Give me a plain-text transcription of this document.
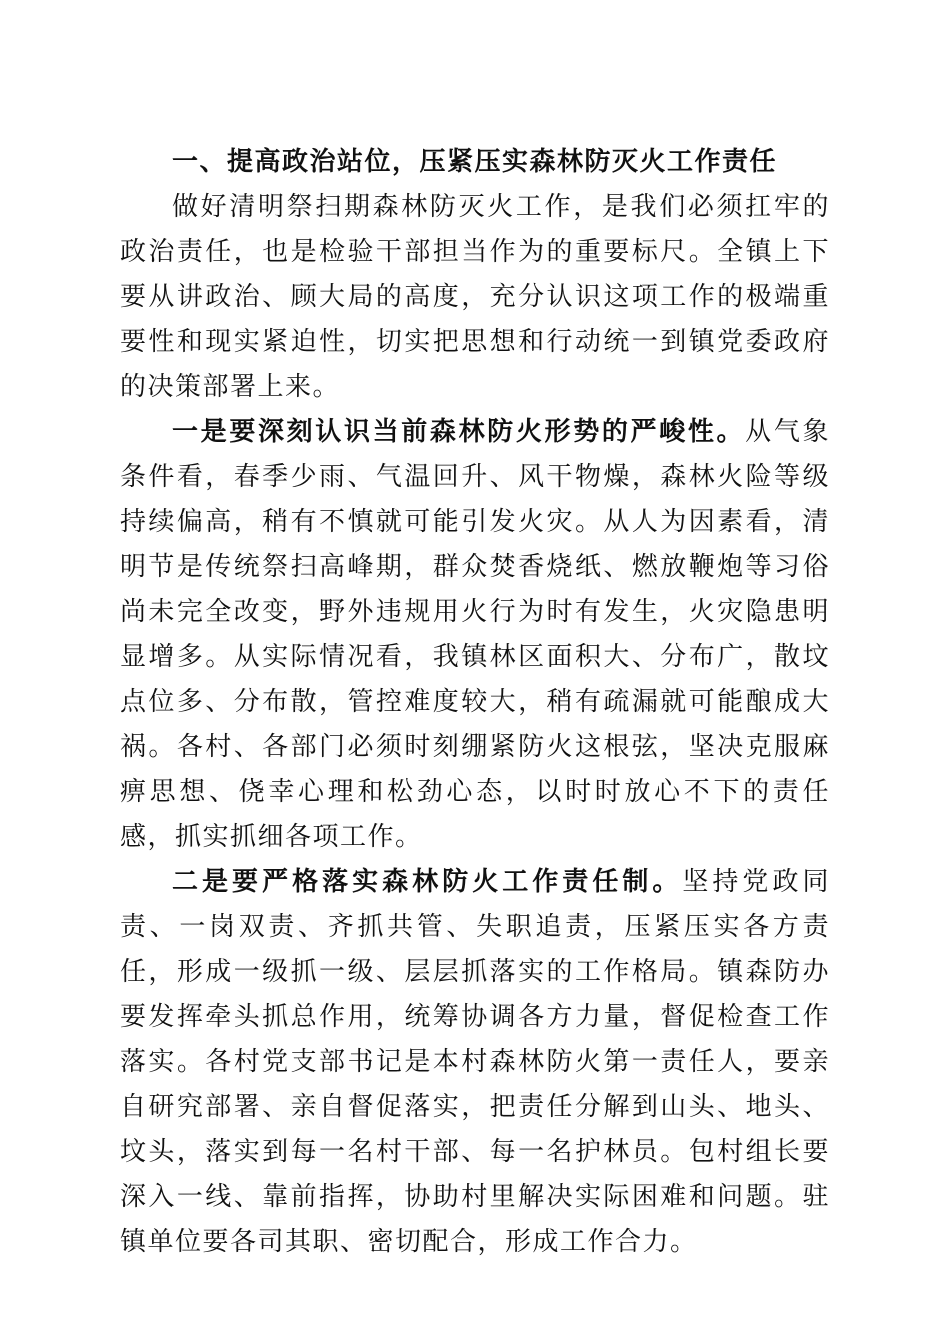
一、提高政治站位，压紧压实森林防灭火工作责任

做好清明祭扫期森林防灭火工作，是我们必须扛牢的政治责任，也是检验干部担当作为的重要标尺。全镇上下要从讲政治、顾大局的高度，充分认识这项工作的极端重要性和现实紧迫性，切实把思想和行动统一到镇党委政府的决策部署上来。

一是要深刻认识当前森林防火形势的严峻性。从气象条件看，春季少雨、气温回升、风干物燥，森林火险等级持续偏高，稍有不慎就可能引发火灾。从人为因素看，清明节是传统祭扫高峰期，群众焚香烧纸、燃放鞭炮等习俗尚未完全改变，野外违规用火行为时有发生，火灾隐患明显增多。从实际情况看，我镇林区面积大、分布广，散坟点位多、分布散，管控难度较大，稍有疏漏就可能酿成大祸。各村、各部门必须时刻绷紧防火这根弦，坚决克服麻痹思想、侥幸心理和松劲心态，以时时放心不下的责任感，抓实抓细各项工作。

二是要严格落实森林防火工作责任制。坚持党政同责、一岗双责、齐抓共管、失职追责，压紧压实各方责任，形成一级抓一级、层层抓落实的工作格局。镇森防办要发挥牵头抓总作用，统筹协调各方力量，督促检查工作落实。各村党支部书记是本村森林防火第一责任人，要亲自研究部署、亲自督促落实，把责任分解到山头、地头、坟头，落实到每一名村干部、每一名护林员。包村组长要深入一线、靠前指挥，协助村里解决实际困难和问题。驻镇单位要各司其职、密切配合，形成工作合力。
